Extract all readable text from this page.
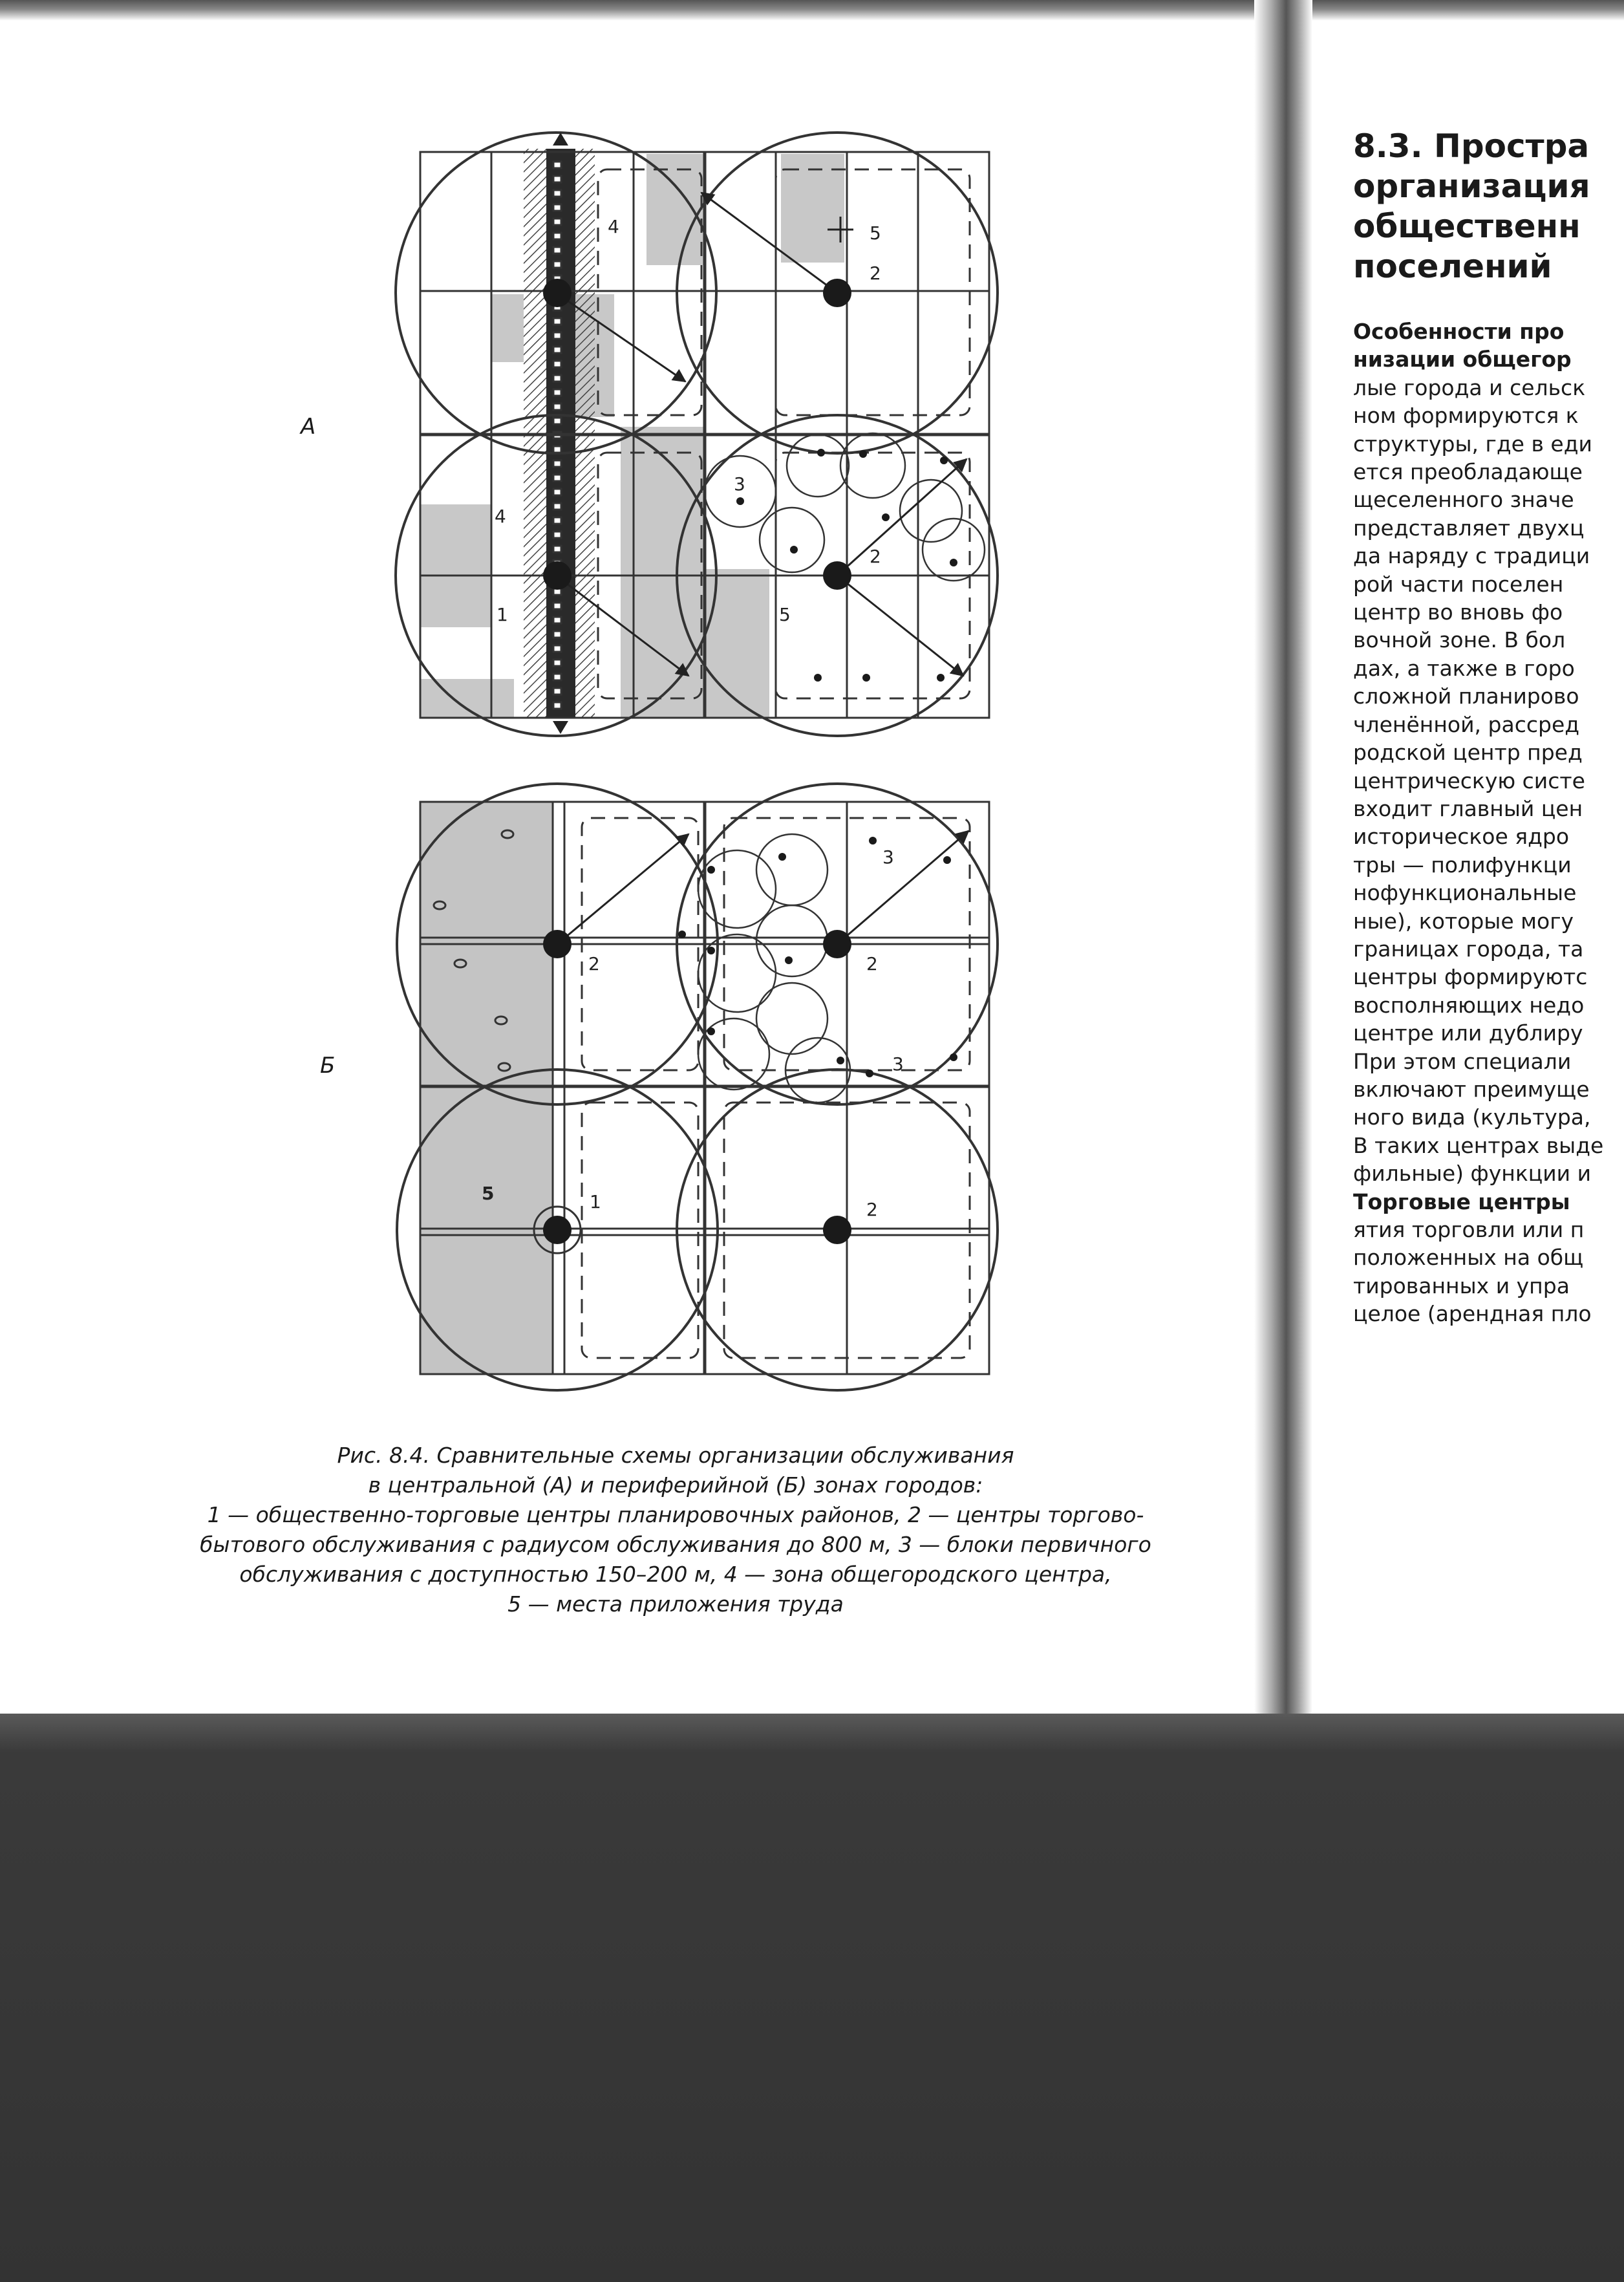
4	5
2
3
4
2
1	5
2
3
2
3
5	1	2
А
Б
Рис. 8.4. Сравнительные схемы организации обслуживания
в центральной (А) и периферийной (Б) зонах городов:
1 — общественно-торговые центры планировочных районов, 2 — центры торгово-
бытового обслуживания с радиусом обслуживания до 800 м, 3 — блоки первичного
обслуживания с доступностью 150–200 м, 4 — зона общегородского центра,
5 — места приложения труда
8.3. Простра
организация
общественн
поселений
Особенности про
низации общегор
лые города и сельск
ном формируются к
структуры, где в еди
ется преобладающе
щеселенного значе
представляет двухц
да наряду с традици
рой части поселен
центр во вновь фо
вочной зоне. В бол
дах, а также в горо
сложной планирово
членённой, рассред
родской центр пред
центрическую систе
входит главный цен
историческое ядро
тры — полифункци
нофункциональные
ные), которые могу
границах города, та
центры формируютс
восполняющих недо
центре или дублиру
При этом специали
включают преимуще
ного вида (культура,
В таких центрах выде
фильные) функции и
Торговые центры
ятия торговли или п
положенных на общ
тированных и упра
целое (арендная пло
